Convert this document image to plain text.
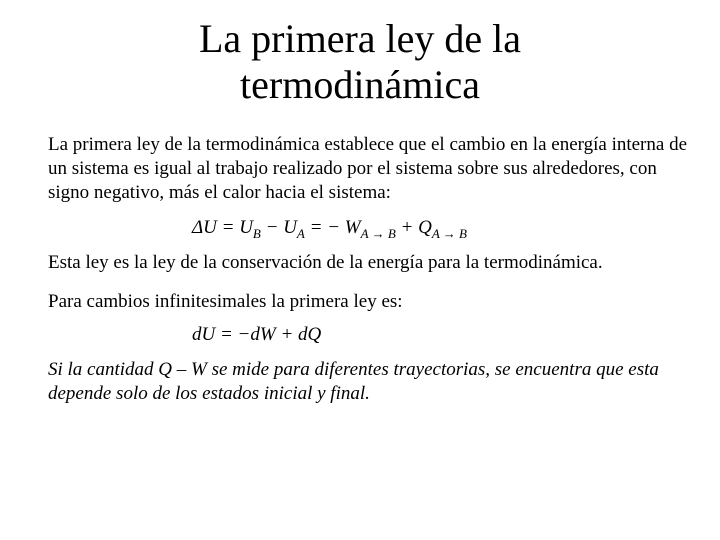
La primera ley de la
termodinámica
La primera ley de la termodinámica establece que el cambio en la energía interna de un sistema es igual al trabajo realizado por el sistema sobre sus alrededores, con signo negativo, más el calor hacia el sistema:
$\Delta U = U_B - U_A$ = − $W_{A \to B} + Q_{A \to B}$
Esta ley es la ley de la conservación de la energía para la termodinámica.
Para cambios infinitesimales la primera ley es:
dU = −dW + dQ
Si la cantidad Q – W se mide para diferentes trayectorias, se encuentra que esta depende solo de los estados inicial y final.
